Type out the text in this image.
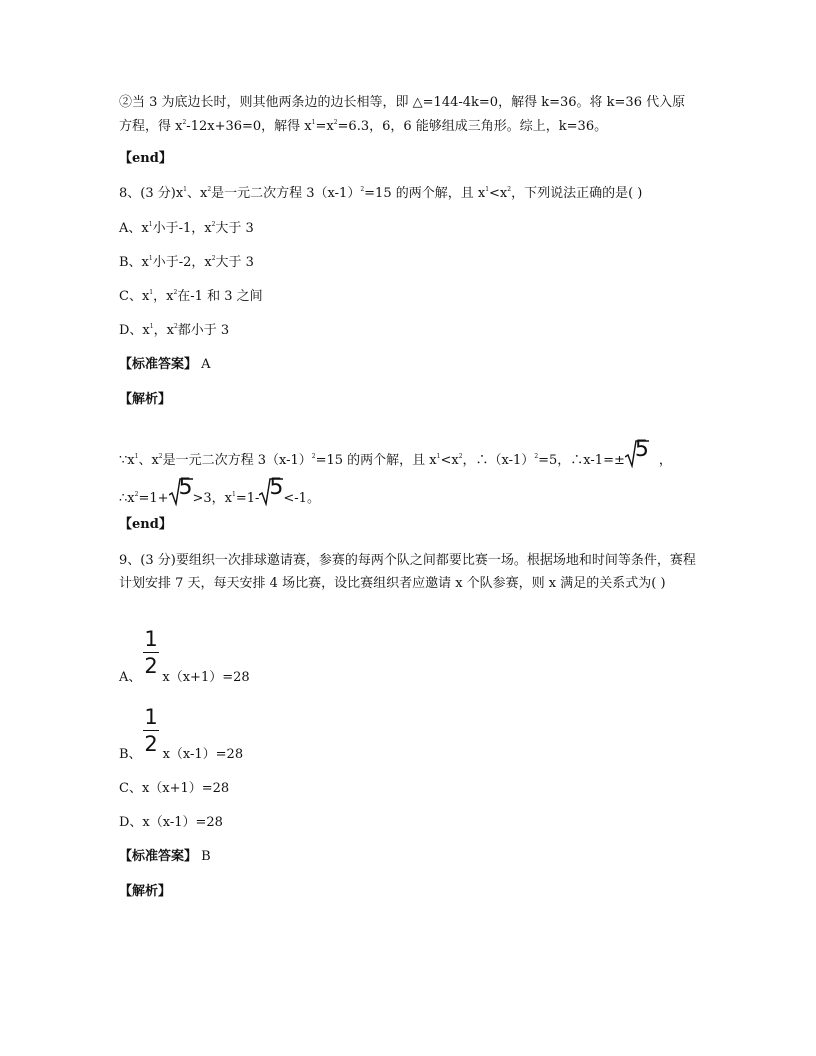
②当 3 为底边长时，则其他两条边的边长相等，即 △=144-4k=0，解得 k=36。将 k=36 代入原
方程，得 $x^2-12x+36=0$，解得 $x^1=x^2=6.3$，6，6 能够组成三角形。综上，k=36。
【end】
8、(3 分)$x^1$、$x^2$是一元二次方程 $3(x-1)^2=15$ 的两个解，且 $x^1<x^2$，下列说法正确的是( )
A、$x^1$小于-1，$x^2$大于 3
B、$x^1$小于-2，$x^2$大于 3
C、$x^1$，$x^2$在-1 和 3 之间
D、$x^1$，$x^2$都小于 3
【标准答案】 A
【解析】
$\because x^1$、$x^2$是一元二次方程 $3(x-1)^2=15$ 的两个解，且 $x^1<x^2$，$\therefore(x-1)^2=5$，∴x-1=± 5 ，
$\therefore x^2=1+ 5 >3$，$x^1=1-$ 5 <-1。
【end】
9、(3 分)要组织一次排球邀请赛，参赛的每两个队之间都要比赛一场。根据场地和时间等条件，赛程计划安排 7 天，每天安排 4 场比赛，设比赛组织者应邀请 x 个队参赛，则 x 满足的关系式为( )
1
2
A、 x（x+1）=28
1
2
B、 x（x-1）=28
C、x（x+1）=28
D、x（x-1）=28
【标准答案】 B
【解析】
